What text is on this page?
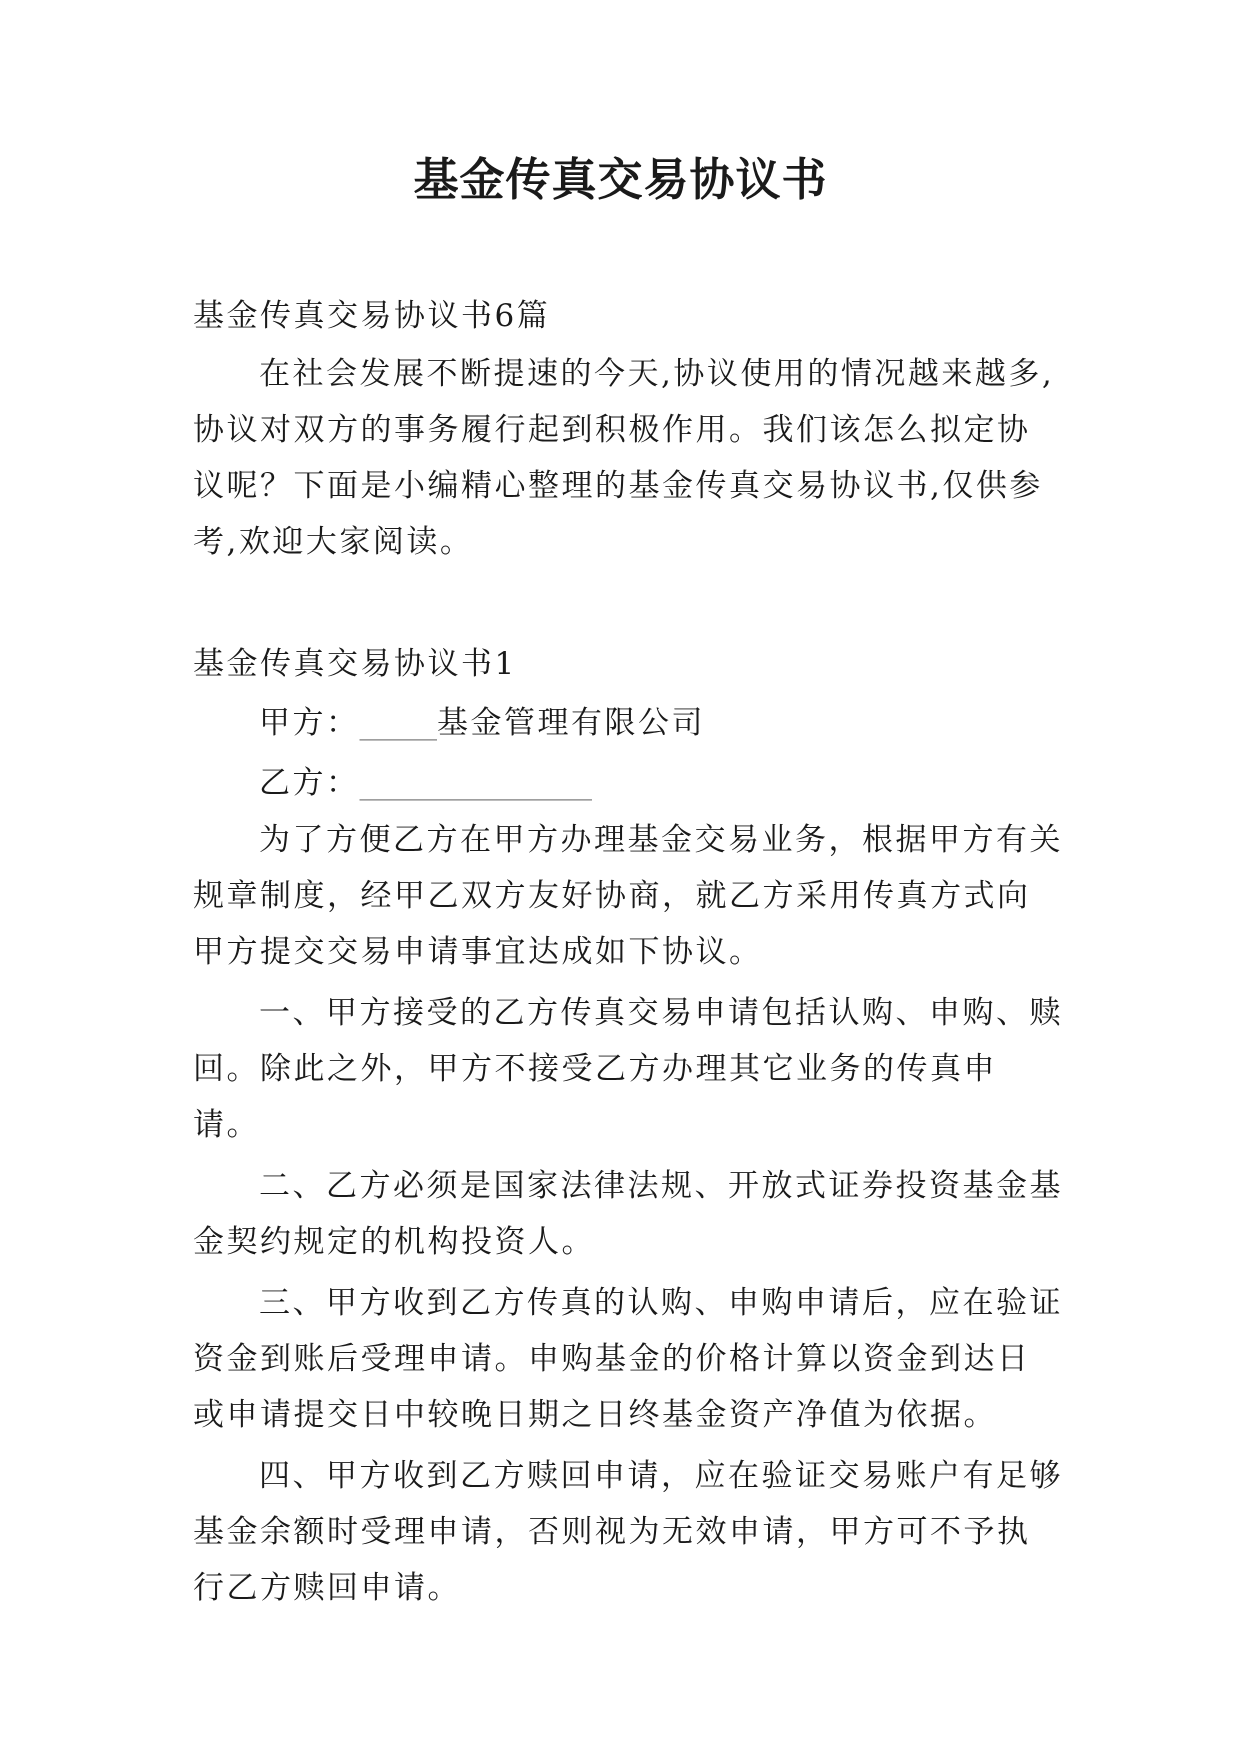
基金传真交易协议书
基金传真交易协议书6篇
在社会发展不断提速的今天,协议使用的情况越来越多,协议对双方的事务履行起到积极作用。我们该怎么拟定协议呢？下面是小编精心整理的基金传真交易协议书,仅供参考,欢迎大家阅读。
基金传真交易协议书1
甲方：_____基金管理有限公司
乙方：_______________

为了方便乙方在甲方办理基金交易业务，根据甲方有关规章制度，经甲乙双方友好协商，就乙方采用传真方式向甲方提交交易申请事宜达成如下协议。

一、甲方接受的乙方传真交易申请包括认购、申购、赎回。除此之外，甲方不接受乙方办理其它业务的传真申请。

二、乙方必须是国家法律法规、开放式证券投资基金基金契约规定的机构投资人。

三、甲方收到乙方传真的认购、申购申请后，应在验证资金到账后受理申请。申购基金的价格计算以资金到达日或申请提交日中较晚日期之日终基金资产净值为依据。

四、甲方收到乙方赎回申请，应在验证交易账户有足够基金余额时受理申请，否则视为无效申请，甲方可不予执行乙方赎回申请。
